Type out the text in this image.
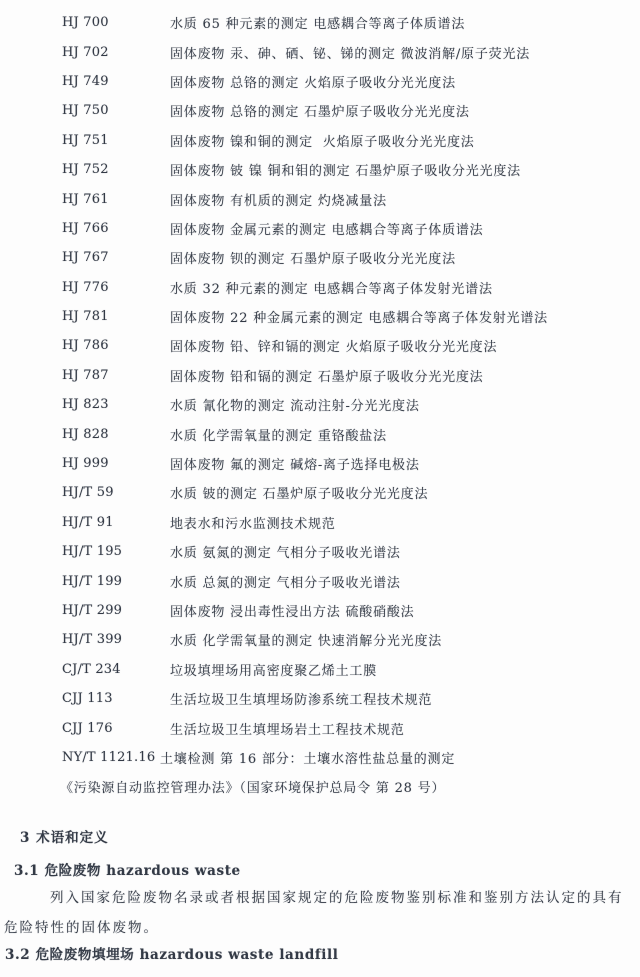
HJ 700	水质 65 种元素的测定 电感耦合等离子体质谱法
HJ 702	固体废物 汞、砷、硒、铋、锑的测定 微波消解/原子荧光法
HJ 749	固体废物 总铬的测定 火焰原子吸收分光光度法
HJ 750	固体废物 总铬的测定 石墨炉原子吸收分光光度法
HJ 751	固体废物 镍和铜的测定  火焰原子吸收分光光度法
HJ 752	固体废物 铍 镍 铜和钼的测定 石墨炉原子吸收分光光度法
HJ 761	固体废物 有机质的测定 灼烧减量法
HJ 766	固体废物 金属元素的测定 电感耦合等离子体质谱法
HJ 767	固体废物 钡的测定 石墨炉原子吸收分光光度法
HJ 776	水质 32 种元素的测定 电感耦合等离子体发射光谱法
HJ 781	固体废物 22 种金属元素的测定 电感耦合等离子体发射光谱法
HJ 786	固体废物 铅、锌和镉的测定 火焰原子吸收分光光度法
HJ 787	固体废物 铅和镉的测定 石墨炉原子吸收分光光度法
HJ 823	水质 氰化物的测定 流动注射-分光光度法
HJ 828	水质 化学需氧量的测定 重铬酸盐法
HJ 999	固体废物 氟的测定 碱熔-离子选择电极法
HJ/T 59	水质 铍的测定 石墨炉原子吸收分光光度法
HJ/T 91	地表水和污水监测技术规范
HJ/T 195	水质 氨氮的测定 气相分子吸收光谱法
HJ/T 199	水质 总氮的测定 气相分子吸收光谱法
HJ/T 299	固体废物 浸出毒性浸出方法 硫酸硝酸法
HJ/T 399	水质 化学需氧量的测定 快速消解分光光度法
CJ/T 234	垃圾填埋场用高密度聚乙烯土工膜
CJJ 113	生活垃圾卫生填埋场防渗系统工程技术规范
CJJ 176	生活垃圾卫生填埋场岩土工程技术规范
NY/T 1121.16 土壤检测 第 16 部分：土壤水溶性盐总量的测定
《污染源自动监控管理办法》（国家环境保护总局令 第 28 号）
3 术语和定义
3.1 危险废物 hazardous waste
列入国家危险废物名录或者根据国家规定的危险废物鉴别标准和鉴别方法认定的具有
危险特性的固体废物。
3.2 危险废物填埋场 hazardous waste landfill
